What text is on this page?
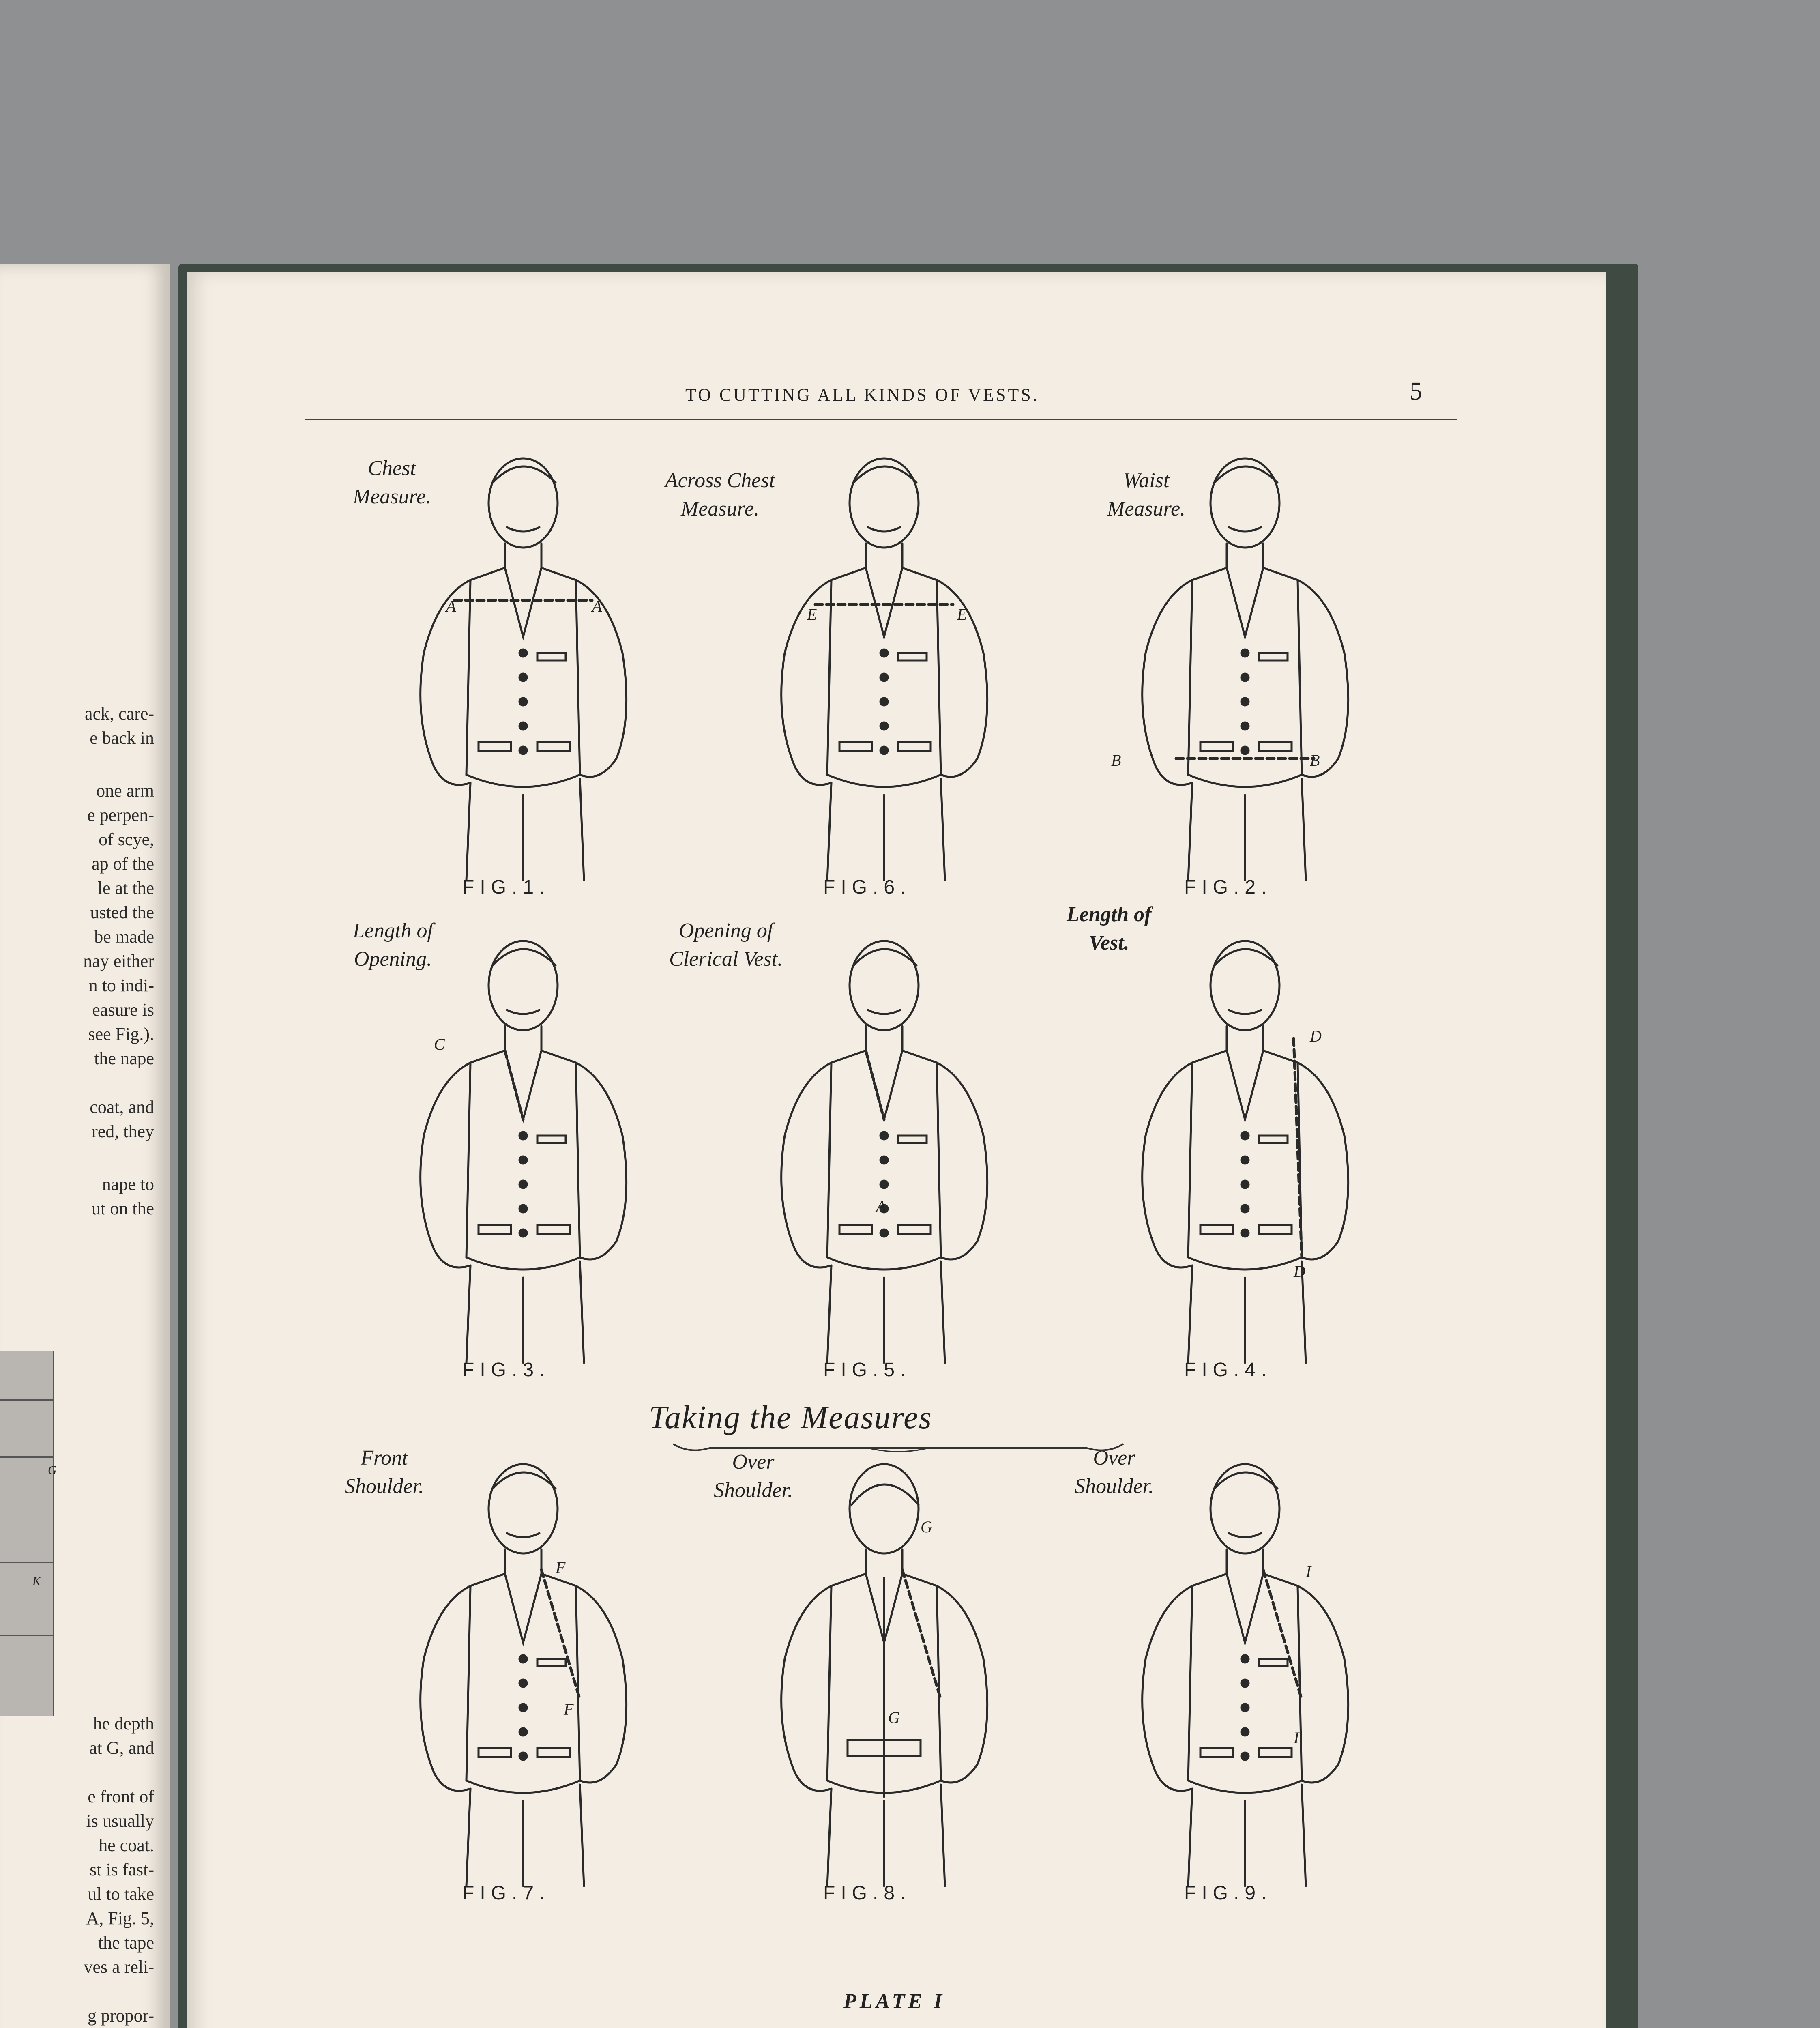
ack, care-
e back in
one arm
e perpen-
of scye,
ap of the
le at the
usted the
be made
nay either
n to indi-
easure is
see Fig.).
the nape
coat, and
red, they
nape to
ut on the
G
K
he depth
at G, and
e front of
is usually
he coat.
st is fast-
ul to take
A, Fig. 5,
the tape
ves a reli-
g propor-
TO CUTTING ALL KINDS OF VESTS.	5
A	A
Chest
Measure.
FIG.1.
E	E
Across Chest
Measure.
FIG.6.
B	B
Waist
Measure.
FIG.2.
C
Length of
Opening.
FIG.3.
A
Opening of
Clerical Vest.
FIG.5.
D
D
Length of
Vest.
FIG.4.
F
F
Front
Shoulder.
FIG.7.
G
G
Over
Shoulder.
FIG.8.
I
I
Over
Shoulder.
FIG.9.
Taking the Measures
PLATE I
